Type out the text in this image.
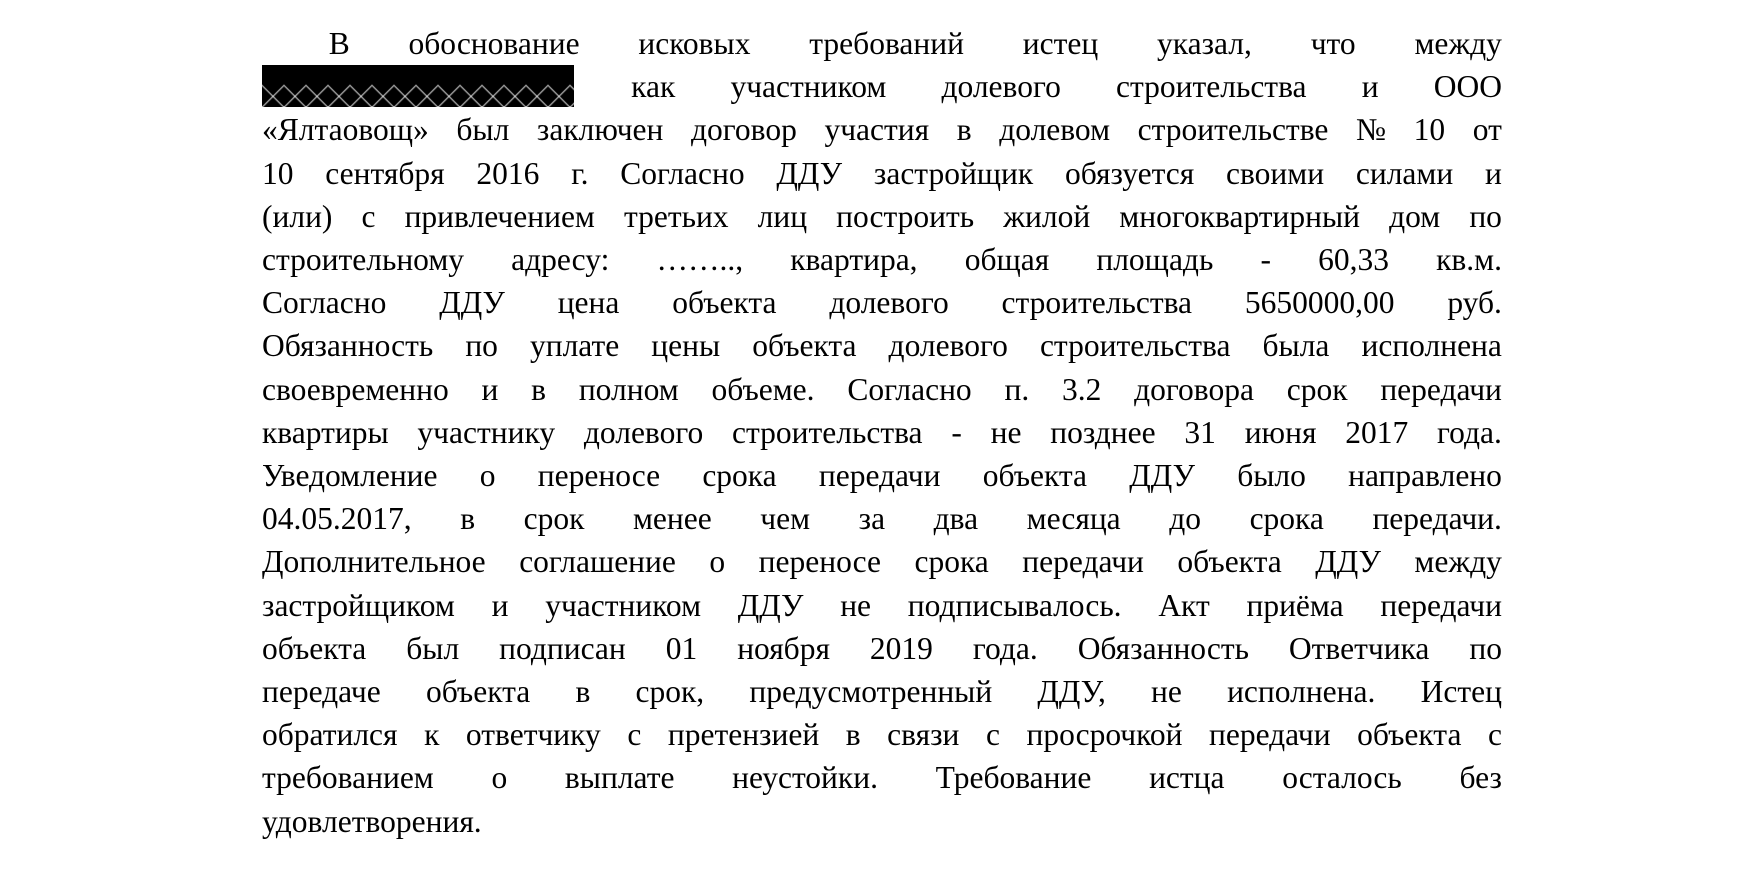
В обоснование исковых требований истец указал, что между
как участником долевого строительства и ООО
«Ялтаовощ» был заключен договор участия в долевом строительстве № 10 от
10 сентября 2016 г. Согласно ДДУ застройщик обязуется своими силами и
(или) с привлечением третьих лиц построить жилой многоквартирный дом по
строительному адресу: …….., квартира, общая площадь - 60,33 кв.м.
Согласно ДДУ цена объекта долевого строительства 5650000,00 руб.
Обязанность по уплате цены объекта долевого строительства была исполнена
своевременно и в полном объеме. Согласно п. 3.2 договора срок передачи
квартиры участнику долевого строительства - не позднее 31 июня 2017 года.
Уведомление о переносе срока передачи объекта ДДУ было направлено
04.05.2017, в срок менее чем за два месяца до срока передачи.
Дополнительное соглашение о переносе срока передачи объекта ДДУ между
застройщиком и участником ДДУ не подписывалось. Акт приёма передачи
объекта был подписан 01 ноября 2019 года. Обязанность Ответчика по
передаче объекта в срок, предусмотренный ДДУ, не исполнена. Истец
обратился к ответчику с претензией в связи с просрочкой передачи объекта с
требованием о выплате неустойки. Требование истца осталось без
удовлетворения.
